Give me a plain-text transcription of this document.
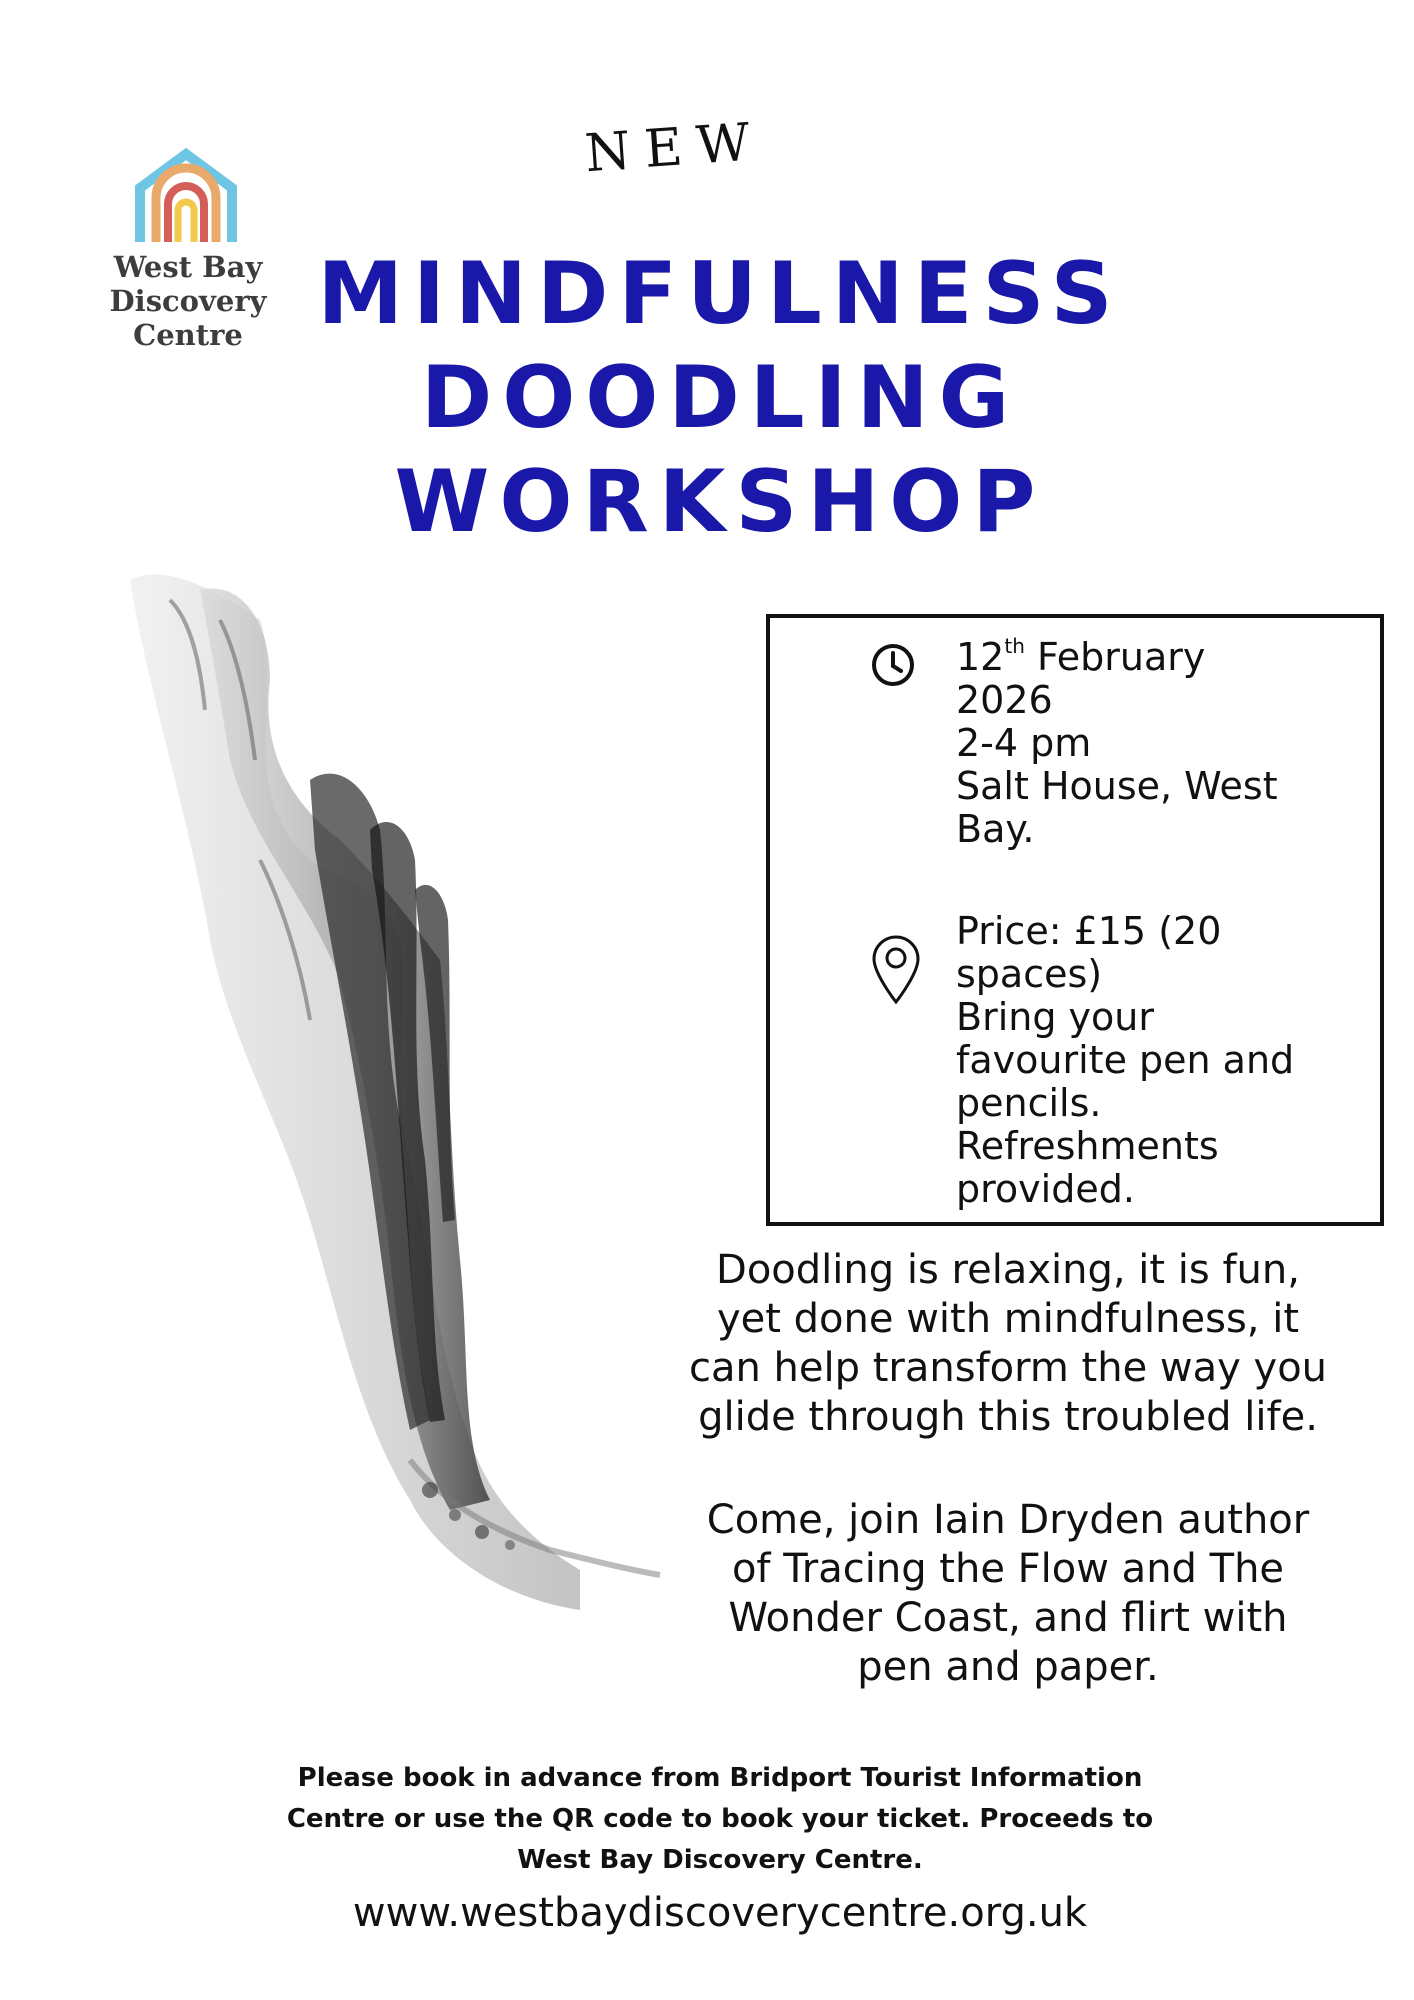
West Bay
Discovery
Centre
NEW
MINDFULNESS
DOODLING
WORKSHOP
12th February
2026
2-4 pm
Salt House, West
Bay.
Price: £15 (20
spaces)
Bring your
favourite pen and
pencils.
Refreshments
provided.
Doodling is relaxing, it is fun,
yet done with mindfulness, it
can help transform the way you
glide through this troubled life.
Come, join Iain Dryden author
of Tracing the Flow and The
Wonder Coast, and flirt with
pen and paper.
Please book in advance from Bridport Tourist Information
Centre or use the QR code to book your ticket. Proceeds to
West Bay Discovery Centre.
www.westbaydiscoverycentre.org.uk
